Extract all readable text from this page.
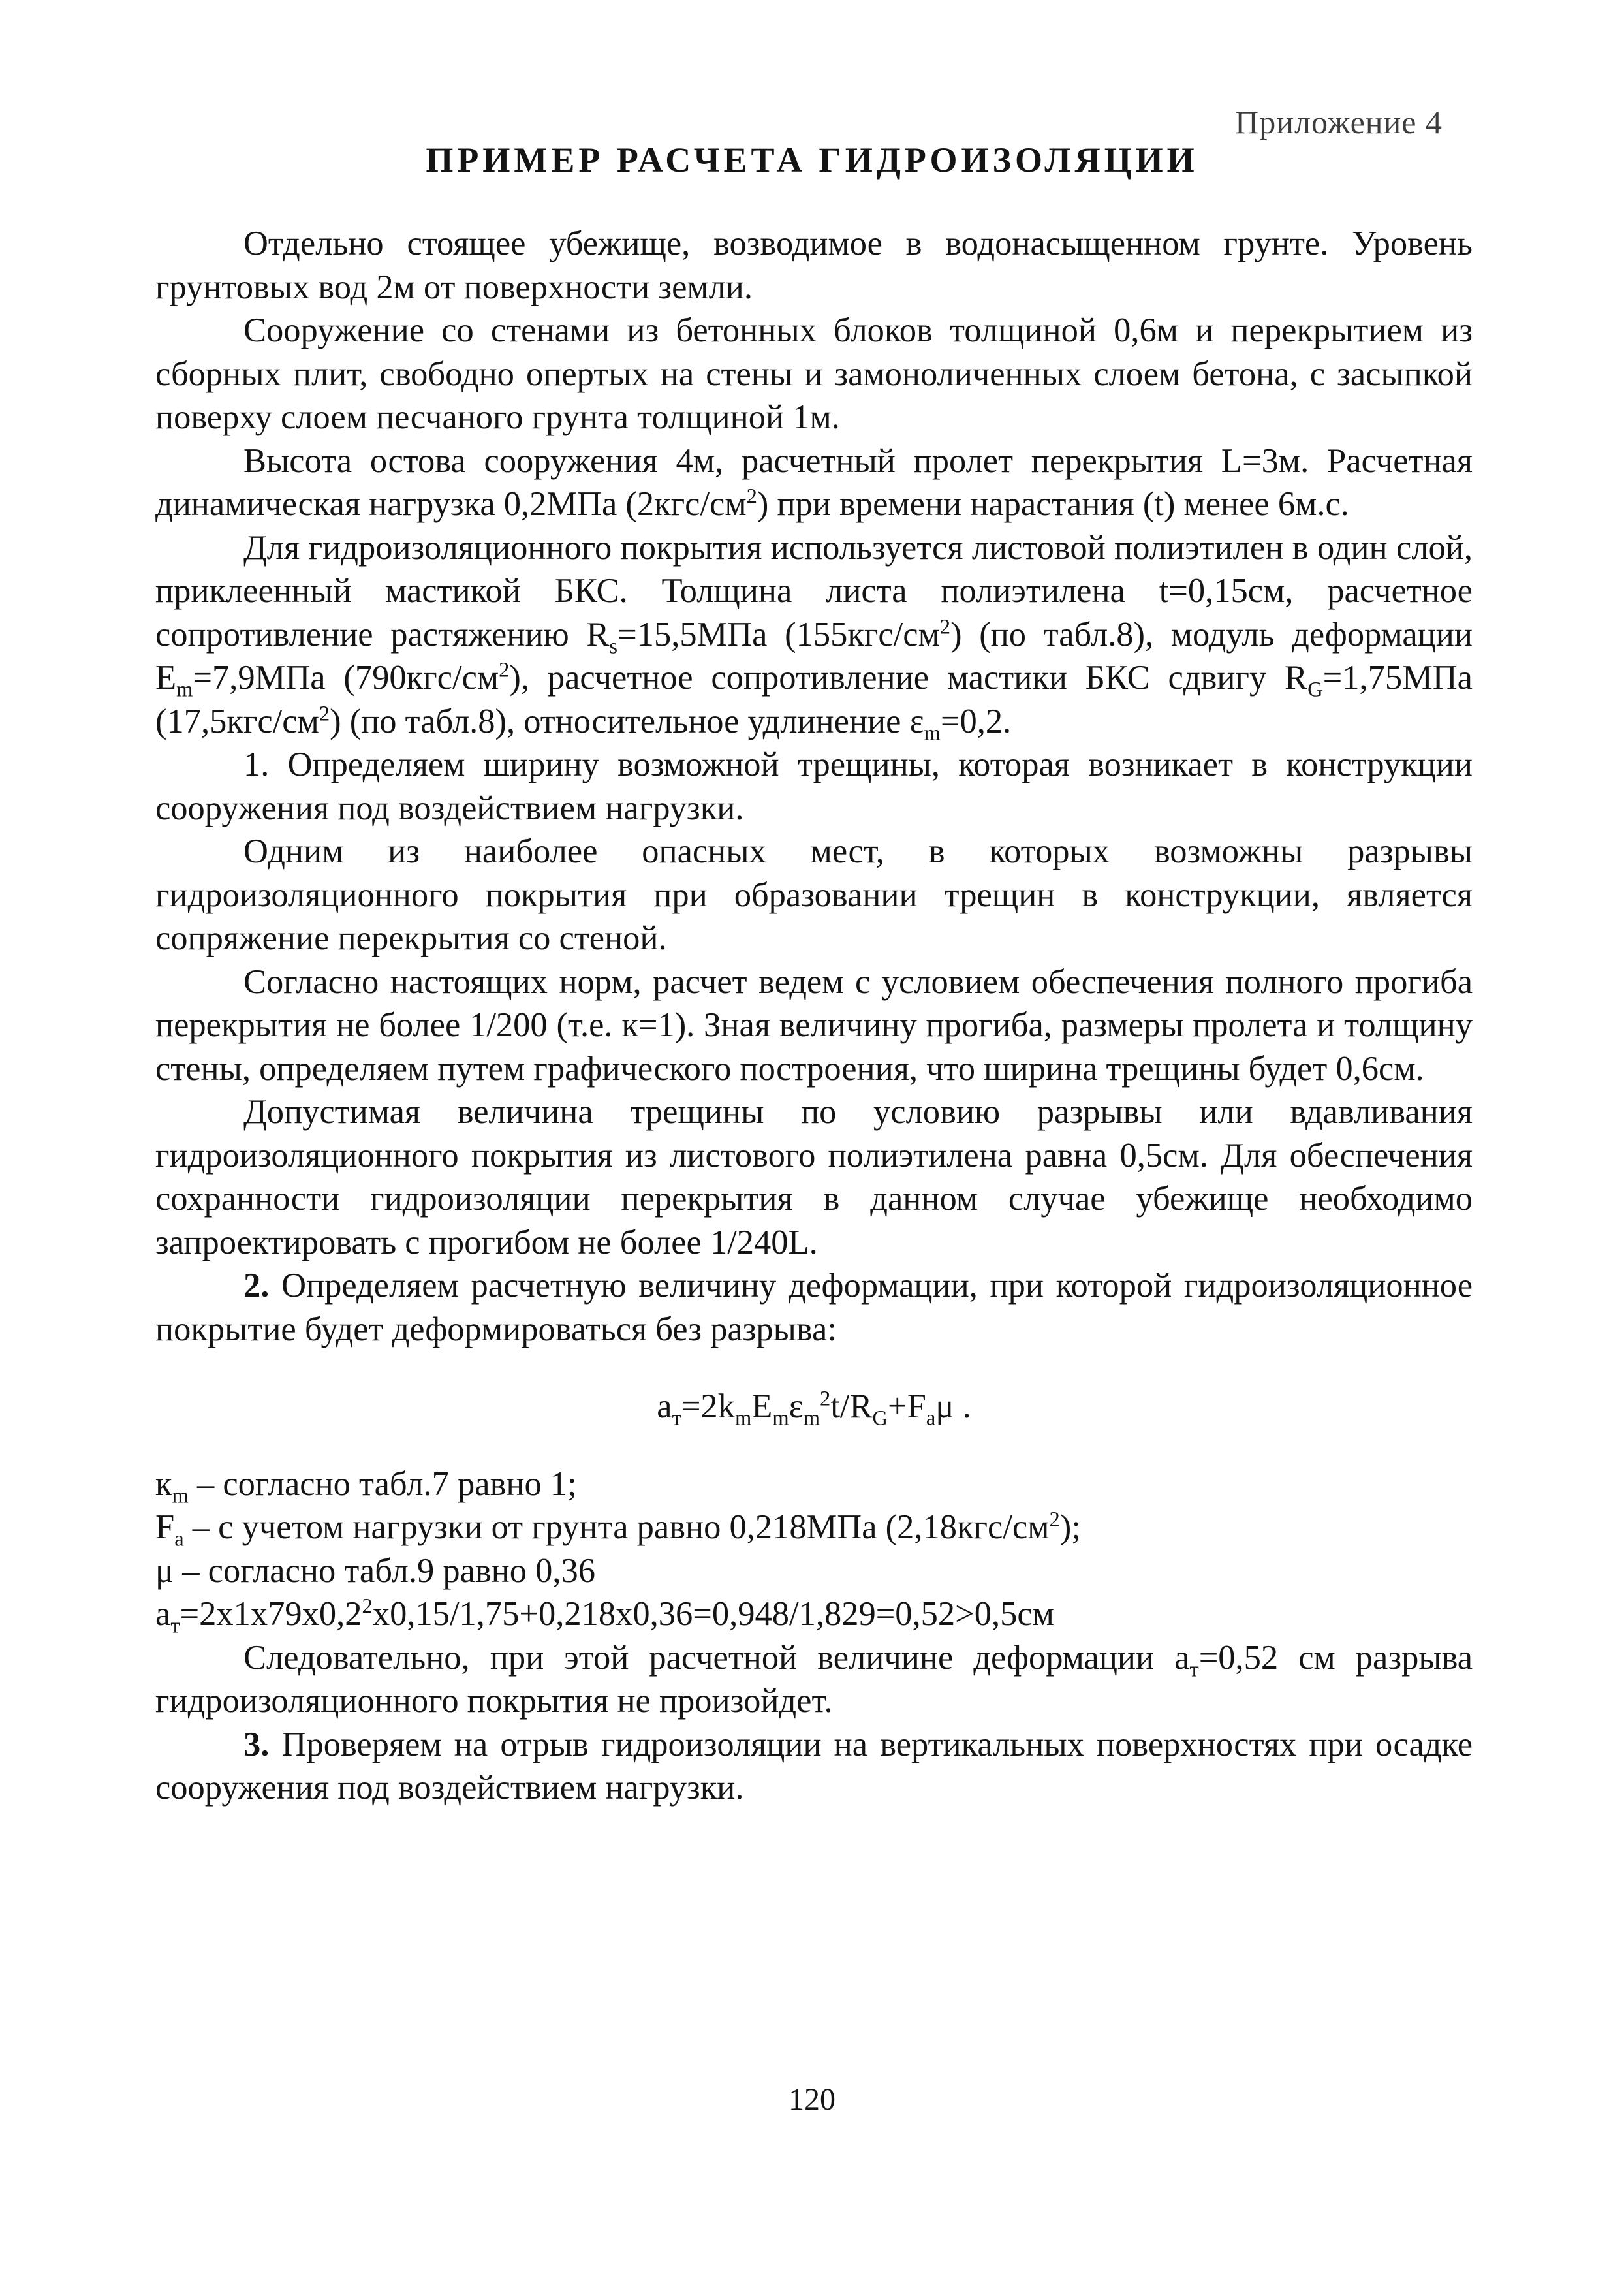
Приложение 4
ПРИМЕР РАСЧЕТА ГИДРОИЗОЛЯЦИИ

Отдельно стоящее убежище, возводимое в водонасыщенном грунте. Уровень грунтовых вод 2м от поверхности земли.

Сооружение со стенами из бетонных блоков толщиной 0,6м и перекрытием из сборных плит, свободно опертых на стены и замоноличенных слоем бетона, с засыпкой поверху слоем песчаного грунта толщиной 1м.

Высота остова сооружения 4м, расчетный пролет перекрытия L=3м. Расчетная динамическая нагрузка 0,2МПа $(2кгс/см^2)$ при времени нарастания (t) менее 6м.с.

Для гидроизоляционного покрытия используется листовой полиэтилен в один слой, приклеенный мастикой БКС. Толщина листа полиэтилена t=0,15см, расчетное сопротивление растяжению $R_s=15,5МПа$ $(155кгс/см^2)$ (по табл.8), модуль деформации $E_m=7,9МПа$ $(790кгс/см^2)$, расчетное сопротивление мастики БКС сдвигу $R_G=1,75МПа$ $(17,5кгс/см^2)$ (по табл.8), относительное удлинение $\varepsilon_m=0,2$.

1. Определяем ширину возможной трещины, которая возникает в конструкции сооружения под воздействием нагрузки.

Одним из наиболее опасных мест, в которых возможны разрывы гидроизоляционного покрытия при образовании трещин в конструкции, является сопряжение перекрытия со стеной.

Согласно настоящих норм, расчет ведем с условием обеспечения полного прогиба перекрытия не более 1/200 (т.е. к=1). Зная величину прогиба, размеры пролета и толщину стены, определяем путем графического построения, что ширина трещины будет 0,6см.

Допустимая величина трещины по условию разрывы или вдавливания гидроизоляционного покрытия из листового полиэтилена равна 0,5см. Для обеспечения сохранности гидроизоляции перекрытия в данном случае убежище необходимо запроектировать с прогибом не более 1/240L.

2. Определяем расчетную величину деформации, при которой гидроизоляционное покрытие будет деформироваться без разрыва:

$a_т=2k_mE_m\varepsilon_m^2t/R_G+F_a\mu$ .

$к_m$ – согласно табл.7 равно 1;

$F_a$ – с учетом нагрузки от грунта равно 0,218МПа $(2,18кгс/см^2)$;

μ – согласно табл.9 равно 0,36

$a_т=2х1х79х0,2^2х0,15/1,75+0,218х0,36=0,948/1,829=0,52>0,5см$

Следовательно, при этой расчетной величине деформации $a_т=0,52$ см разрыва гидроизоляционного покрытия не произойдет.

3. Проверяем на отрыв гидроизоляции на вертикальных поверхностях при осадке сооружения под воздействием нагрузки.

120
